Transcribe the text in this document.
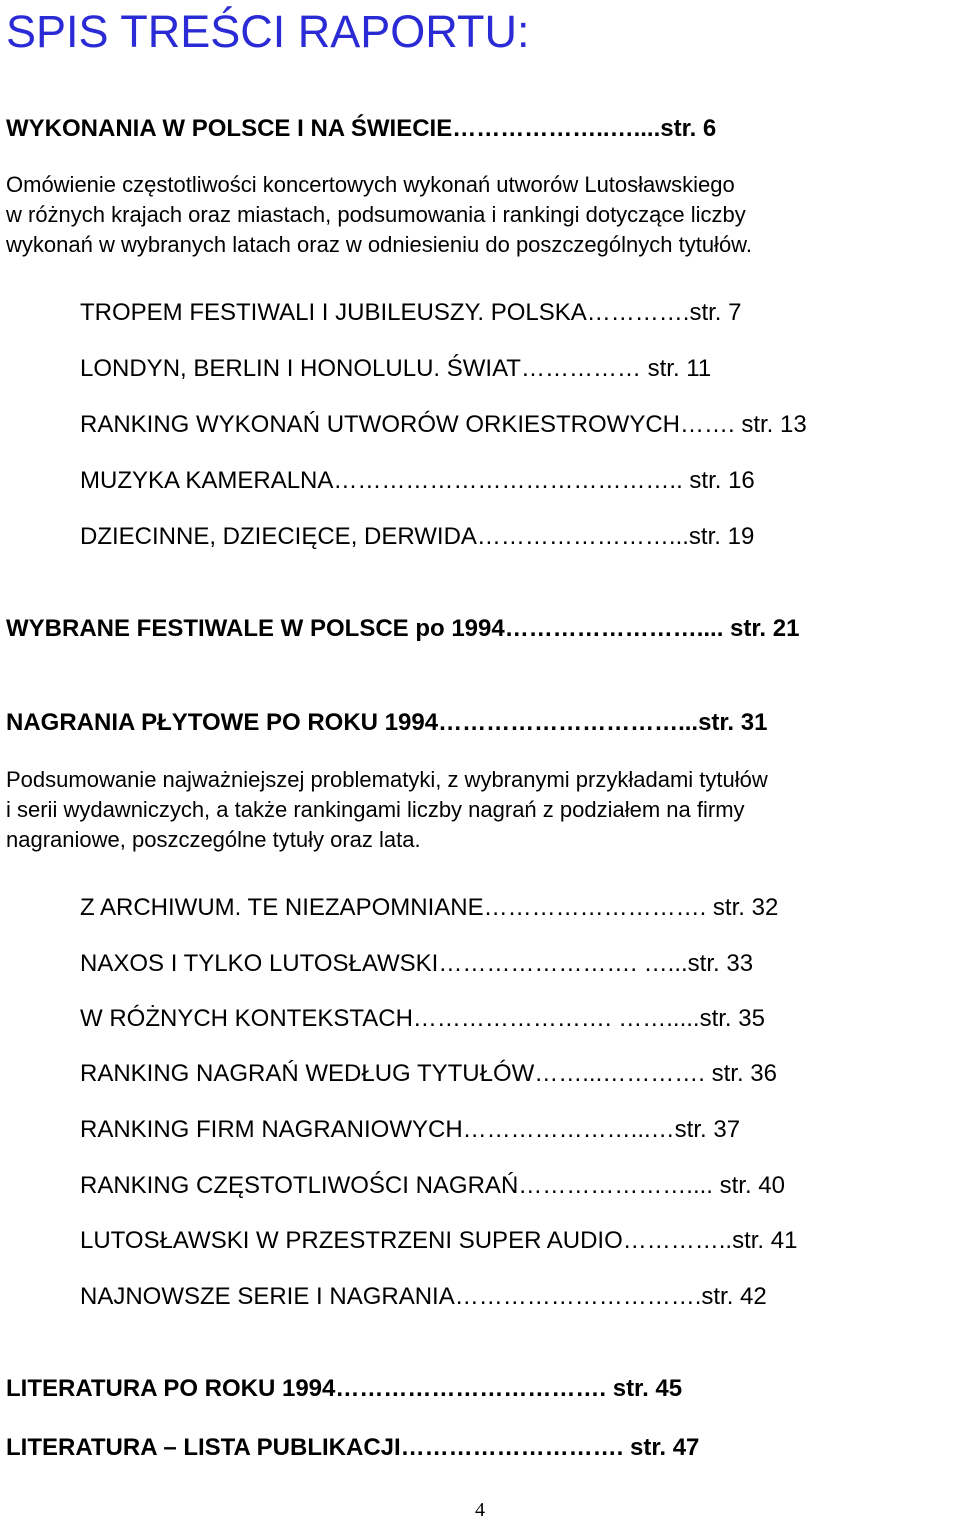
SPIS TREŚCI RAPORTU:
WYKONANIA W POLSCE I NA ŚWIECIE………………..…....str. 6
Omówienie częstotliwości koncertowych wykonań utworów Lutosławskiego
w różnych krajach oraz miastach, podsumowania i rankingi dotyczące liczby
wykonań w wybranych latach oraz w odniesieniu do poszczególnych tytułów.
TROPEM FESTIWALI I JUBILEUSZY. POLSKA………….str. 7
LONDYN, BERLIN I HONOLULU. ŚWIAT…………… str. 11
RANKING WYKONAŃ UTWORÓW ORKIESTROWYCH……. str. 13
MUZYKA KAMERALNA…………………………………….. str. 16
DZIECINNE, DZIECIĘCE, DERWIDA……………………...str. 19
WYBRANE FESTIWALE W POLSCE po 1994…………………….... str. 21
NAGRANIA PŁYTOWE PO ROKU 1994…………………………...str. 31
Podsumowanie najważniejszej problematyki, z wybranymi przykładami tytułów
i serii wydawniczych, a także rankingami liczby nagrań z podziałem na firmy
nagraniowe, poszczególne tytuły oraz lata.
Z ARCHIWUM. TE NIEZAPOMNIANE………………………. str. 32
NAXOS I TYLKO LUTOSŁAWSKI……………………. …...str. 33
W RÓŻNYCH KONTEKSTACH……………………. …….....str. 35
RANKING NAGRAŃ WEDŁUG TYTUŁÓW……...…………. str. 36
RANKING FIRM NAGRANIOWYCH…………………...…str. 37
RANKING CZĘSTOTLIWOŚCI NAGRAŃ………………….... str. 40
LUTOSŁAWSKI W PRZESTRZENI SUPER AUDIO…………..str. 41
NAJNOWSZE SERIE I NAGRANIA………………………….str. 42
LITERATURA PO ROKU 1994……………………………. str. 45
LITERATURA – LISTA PUBLIKACJI………………………. str. 47
4
